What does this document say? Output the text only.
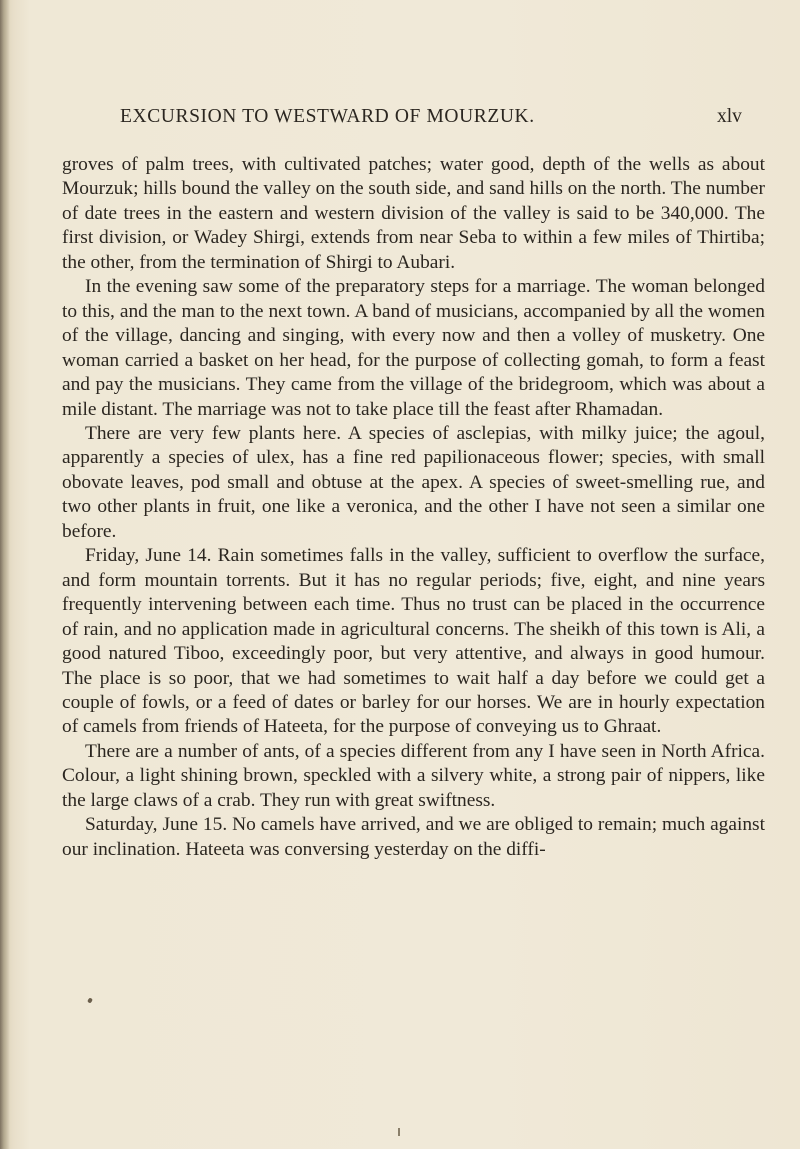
EXCURSION TO WESTWARD OF MOURZUK.	xlv

groves of palm trees, with cultivated patches; water good, depth of the wells as about Mourzuk; hills bound the valley on the south side, and sand hills on the north. The number of date trees in the eastern and western division of the valley is said to be 340,000. The first division, or Wadey Shirgi, extends from near Seba to within a few miles of Thirtiba; the other, from the termination of Shirgi to Aubari.

In the evening saw some of the preparatory steps for a marriage. The woman belonged to this, and the man to the next town. A band of musicians, accompanied by all the women of the village, dancing and singing, with every now and then a volley of musketry. One woman carried a basket on her head, for the purpose of collecting gomah, to form a feast and pay the musicians. They came from the village of the bridegroom, which was about a mile distant. The marriage was not to take place till the feast after Rhamadan.

There are very few plants here. A species of asclepias, with milky juice; the agoul, apparently a species of ulex, has a fine red papilionaceous flower; species, with small obovate leaves, pod small and obtuse at the apex. A species of sweet-smelling rue, and two other plants in fruit, one like a veronica, and the other I have not seen a similar one before.

Friday, June 14. Rain sometimes falls in the valley, sufficient to overflow the surface, and form mountain torrents. But it has no regular periods; five, eight, and nine years frequently intervening between each time. Thus no trust can be placed in the occurrence of rain, and no application made in agricultural concerns. The sheikh of this town is Ali, a good natured Tiboo, exceedingly poor, but very attentive, and always in good humour. The place is so poor, that we had sometimes to wait half a day before we could get a couple of fowls, or a feed of dates or barley for our horses. We are in hourly expectation of camels from friends of Hateeta, for the purpose of conveying us to Ghraat.

There are a number of ants, of a species different from any I have seen in North Africa. Colour, a light shining brown, speckled with a silvery white, a strong pair of nippers, like the large claws of a crab. They run with great swiftness.

Saturday, June 15. No camels have arrived, and we are obliged to remain; much against our inclination. Hateeta was conversing yesterday on the diffi-
